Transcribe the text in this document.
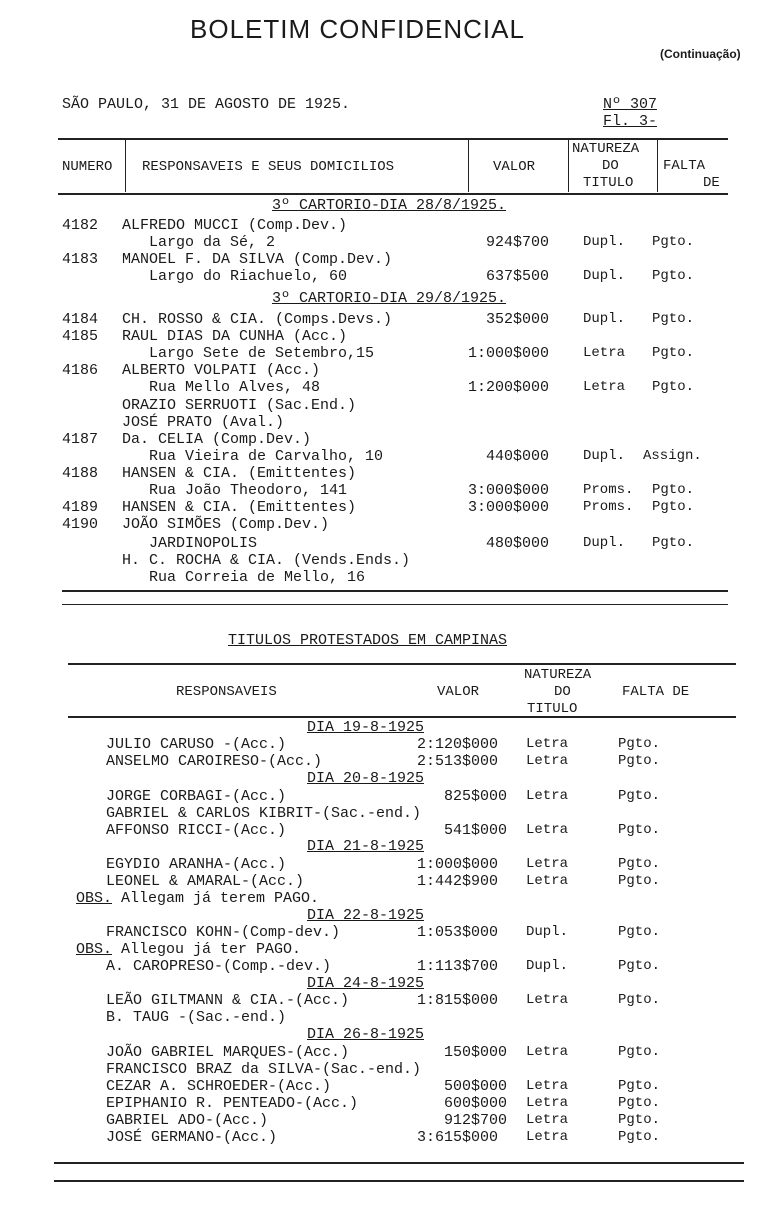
BOLETIM CONFIDENCIAL
(Continuação)
SÃO PAULO, 31 DE AGOSTO DE 1925.	Nº 307
Fl. 3-
NUMERO RESPONSAVEIS E SEUS DOMICILIOS	VALOR
NATUREZA
DO
TITULO
FALTA
DE
3º CARTORIO-DIA 28/8/1925.
4182 ALFREDO MUCCI (Comp.Dev.)
Largo da Sé, 2	924$700 Dupl. Pgto.
4183 MANOEL F. DA SILVA (Comp.Dev.)
Largo do Riachuelo, 60	637$500 Dupl. Pgto.
3º CARTORIO-DIA 29/8/1925.
4184 CH. ROSSO & CIA. (Comps.Devs.)	352$000 Dupl. Pgto.
4185 RAUL DIAS DA CUNHA (Acc.)
Largo Sete de Setembro,15	1:000$000 Letra Pgto.
4186 ALBERTO VOLPATI (Acc.)
Rua Mello Alves, 48	1:200$000 Letra Pgto.
ORAZIO SERRUOTI (Sac.End.)
JOSÉ PRATO (Aval.)
4187 Da. CELIA (Comp.Dev.)
Rua Vieira de Carvalho, 10	440$000 Dupl. Assign.
4188 HANSEN & CIA. (Emittentes)
Rua João Theodoro, 141	3:000$000 Proms. Pgto.
4189 HANSEN & CIA. (Emittentes)	3:000$000 Proms. Pgto.
4190 JOÃO SIMÕES (Comp.Dev.)
JARDINOPOLIS	480$000 Dupl. Pgto.
H. C. ROCHA & CIA. (Vends.Ends.)
Rua Correia de Mello, 16
TITULOS PROTESTADOS EM CAMPINAS
RESPONSAVEIS	VALOR
NATUREZA
DO
TITULO
FALTA DE
DIA 19-8-1925
JULIO CARUSO -(Acc.)	2:120$000 Letra	Pgto.
ANSELMO CAROIRESO-(Acc.)	2:513$000 Letra	Pgto.
DIA 20-8-1925
JORGE CORBAGI-(Acc.)	825$000 Letra	Pgto.
GABRIEL & CARLOS KIBRIT-(Sac.-end.)
AFFONSO RICCI-(Acc.)	541$000 Letra	Pgto.
DIA 21-8-1925
EGYDIO ARANHA-(Acc.)	1:000$000 Letra	Pgto.
LEONEL & AMARAL-(Acc.)	1:442$900 Letra	Pgto.
OBS. Allegam já terem PAGO.
DIA 22-8-1925
FRANCISCO KOHN-(Comp-dev.)	1:053$000 Dupl.	Pgto.
OBS. Allegou já ter PAGO.
A. CAROPRESO-(Comp.-dev.)	1:113$700 Dupl.	Pgto.
DIA 24-8-1925
LEÃO GILTMANN & CIA.-(Acc.)	1:815$000 Letra	Pgto.
B. TAUG -(Sac.-end.)
DIA 26-8-1925
JOÃO GABRIEL MARQUES-(Acc.)	150$000 Letra	Pgto.
FRANCISCO BRAZ da SILVA-(Sac.-end.)
CEZAR A. SCHROEDER-(Acc.)	500$000 Letra	Pgto.
EPIPHANIO R. PENTEADO-(Acc.)	600$000 Letra	Pgto.
GABRIEL ADO-(Acc.)	912$700 Letra	Pgto.
JOSÉ GERMANO-(Acc.)	3:615$000 Letra	Pgto.
